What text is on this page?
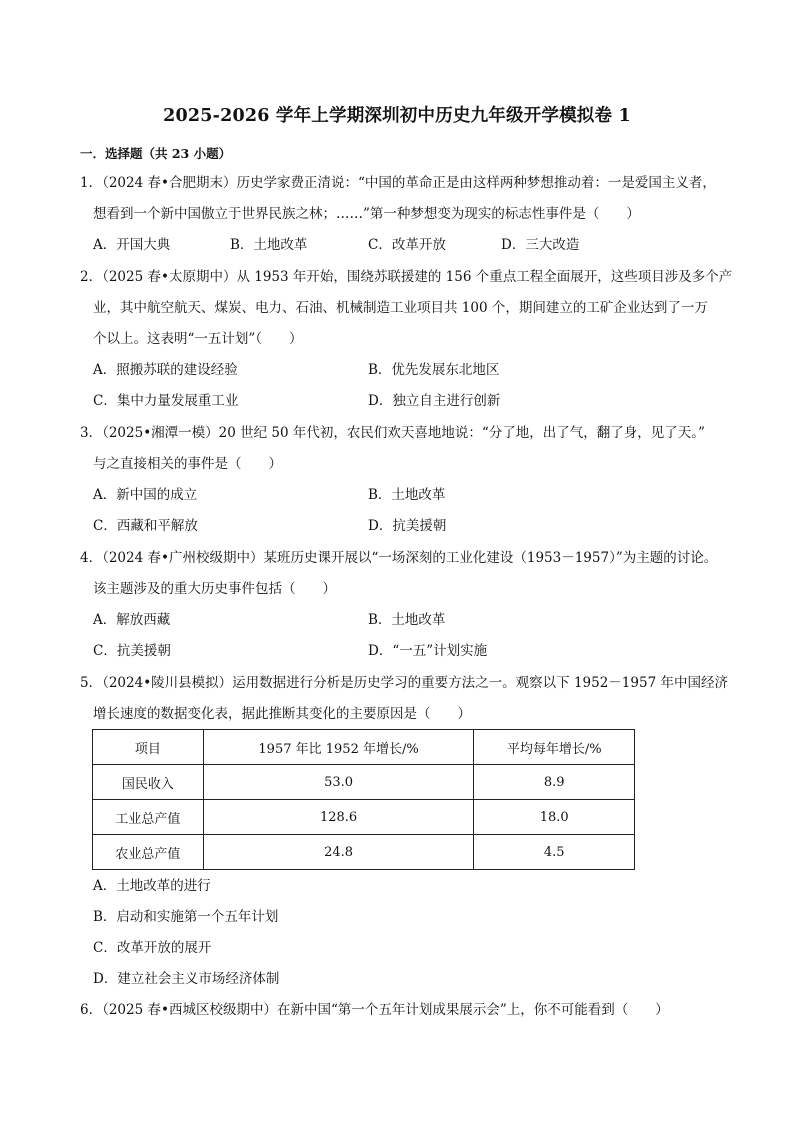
2025-2026 学年上学期深圳初中历史九年级开学模拟卷 1
一．选择题（共 23 小题）
1．（2024 春•合肥期末）历史学家费正清说：“中国的革命正是由这样两种梦想推动着：一是爱国主义者，
想看到一个新中国傲立于世界民族之林；……”第一种梦想变为现实的标志性事件是（　　）
A．开国大典	B．土地改革	C．改革开放	D．三大改造
2．（2025 春•太原期中）从 1953 年开始，围绕苏联援建的 156 个重点工程全面展开，这些项目涉及多个产
业，其中航空航天、煤炭、电力、石油、机械制造工业项目共 100 个，期间建立的工矿企业达到了一万
个以上。这表明“一五计划”（　　）
A．照搬苏联的建设经验	B．优先发展东北地区
C．集中力量发展重工业	D．独立自主进行创新
3．（2025•湘潭一模）20 世纪 50 年代初，农民们欢天喜地地说：“分了地，出了气，翻了身，见了天。”
与之直接相关的事件是（　　）
A．新中国的成立	B．土地改革
C．西藏和平解放	D．抗美援朝
4．（2024 春•广州校级期中）某班历史课开展以“一场深刻的工业化建设（1953－1957）”为主题的讨论。
该主题涉及的重大历史事件包括（　　）
A．解放西藏	B．土地改革
C．抗美援朝	D．“一五”计划实施
5．（2024•陵川县模拟）运用数据进行分析是历史学习的重要方法之一。观察以下 1952－1957 年中国经济
增长速度的数据变化表，据此推断其变化的主要原因是（　　）
项目	1957 年比 1952 年增长/%	平均每年增长/%
国民收入	53.0	8.9
工业总产值	128.6	18.0
农业总产值	24.8	4.5
A．土地改革的进行
B．启动和实施第一个五年计划
C．改革开放的展开
D．建立社会主义市场经济体制
6．（2025 春•西城区校级期中）在新中国“第一个五年计划成果展示会”上，你不可能看到（　　）
